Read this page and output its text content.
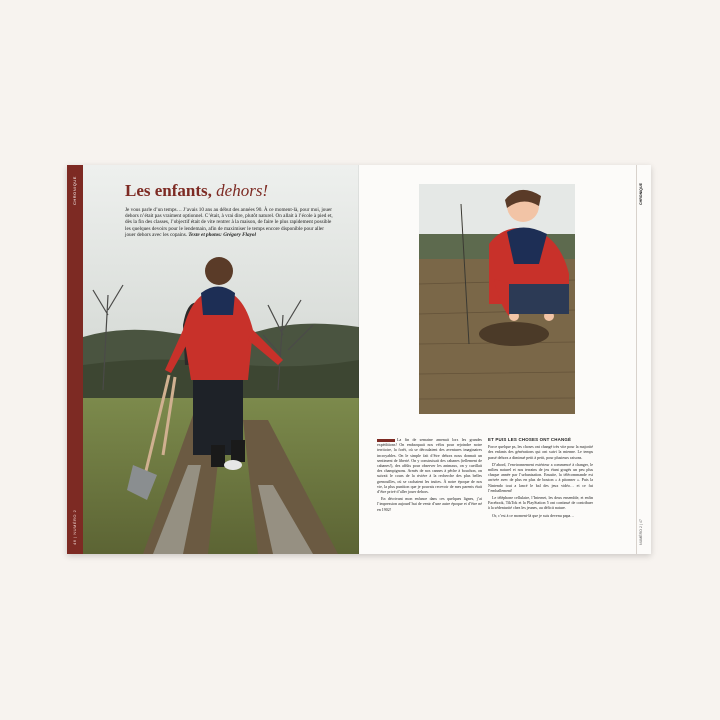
CHRONIQUE
46 | NUMÉRO 2
Les enfants, dehors!
Je vous parle d’un temps… J’avais 10 ans au début des années 90. À ce moment-là, pour moi, jouer dehors n’était pas vraiment optionnel. C’était, à vrai dire, plutôt naturel. On allait à l’école à pied et, dès la fin des classes, l’objectif était de vite rentrer à la maison, de faire le plus rapidement possible les quelques devoirs pour le lendemain, afin de maximiser le temps encore disponible pour aller jouer dehors avec les copains. Texte et photos: Grégory Flayol

La fin de semaine amenait lors les grandes expéditions! On embarquait nos vélos pour rejoindre notre territoire, la forêt, où se déroulaient des aventures imaginaires incroyables. On le simple fait d’être dehors nous donnait un sentiment de liberté. On y construisait des cabanes (tellement de cabanes!), des affûts pour observer les animaux, on y cueillait des champignons. Armés de nos cannes à pêche à bouchon, on suivait le cours de la rivière à la recherche des plus belles grenouilles, où se cachaient les truites. À notre époque de nos vie, la plus punition que je pouvais recevoir de mes parents était d’être privé d’aller jouer dehors.

En décrivant mon enfance dans ces quelques lignes, j’ai l’impression aujourd’hui de venir d’une autre époque et d’être né en 1902!

ET PUIS LES CHOSES ONT CHANGÉ

Force quelque ps, les choses ont changé très vite pour la majorité des enfants des générations qui ont suivi la mienne. Le temps passé dehors a diminué petit à petit, pour plusieurs raisons.

D’abord, l’environnement extérieur a commencé à changer, le milieu naturel et nos terrains de jeu étant grugés un peu plus chaque année par l’urbanisation. Ensuite, la télécommande est arrivée avec de plus en plus de bouton « à pitonner ». Puis la Nintendo tout a lancé le bal des jeux vidéo… et ce fut l’emballement!

Le téléphone cellulaire, l’Internet, les deux ensemble, et enfin Facebook, TikTok et la PlayStation 5 ont continué de contribuer à la sédentarité chez les jeunes, au déficit nature.

Or, c’est à ce moment-là que je suis devenu papa…

CHRONIQUE
NUMÉRO 2 | 47
